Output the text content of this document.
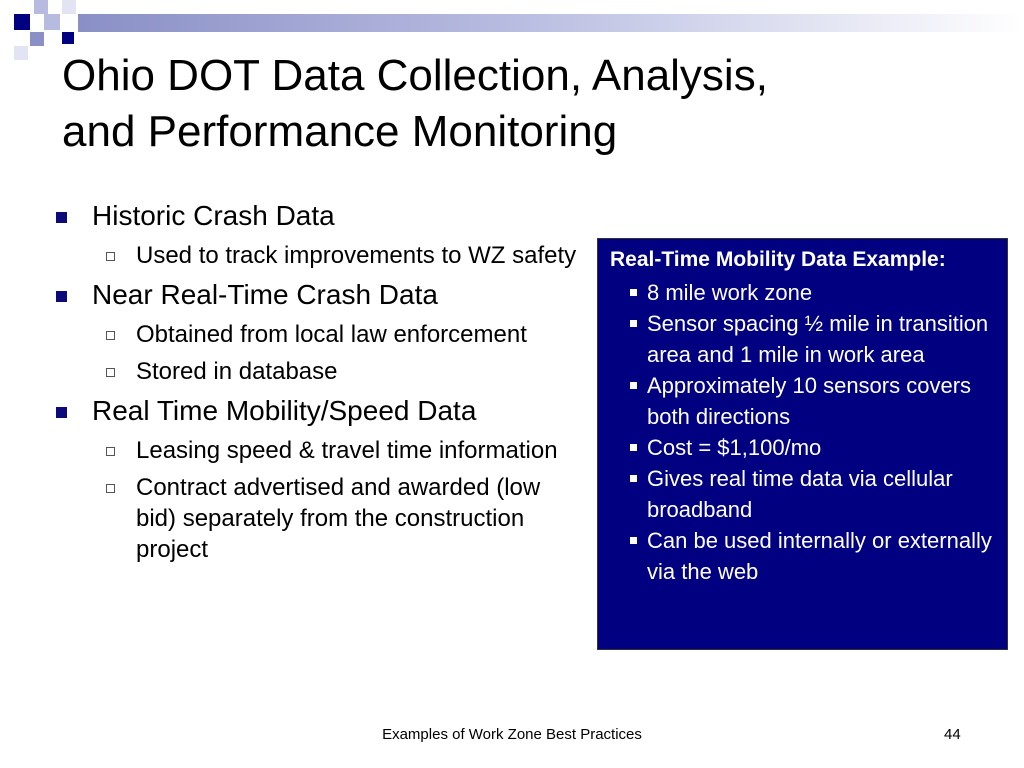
Ohio DOT Data Collection, Analysis,
and Performance Monitoring
Historic Crash Data
Used to track improvements to WZ safety
Near Real-Time Crash Data
Obtained from local law enforcement
Stored in database
Real Time Mobility/Speed Data
Leasing speed & travel time information
Contract advertised and awarded (low bid) separately from the construction project
Real-Time Mobility Data Example:
8 mile work zone
Sensor spacing ½ mile in transition area and 1 mile in work area
Approximately 10 sensors covers both directions
Cost = $1,100/mo
Gives real time data via cellular broadband
Can be used internally or externally via the web
Examples of Work Zone Best Practices	44
